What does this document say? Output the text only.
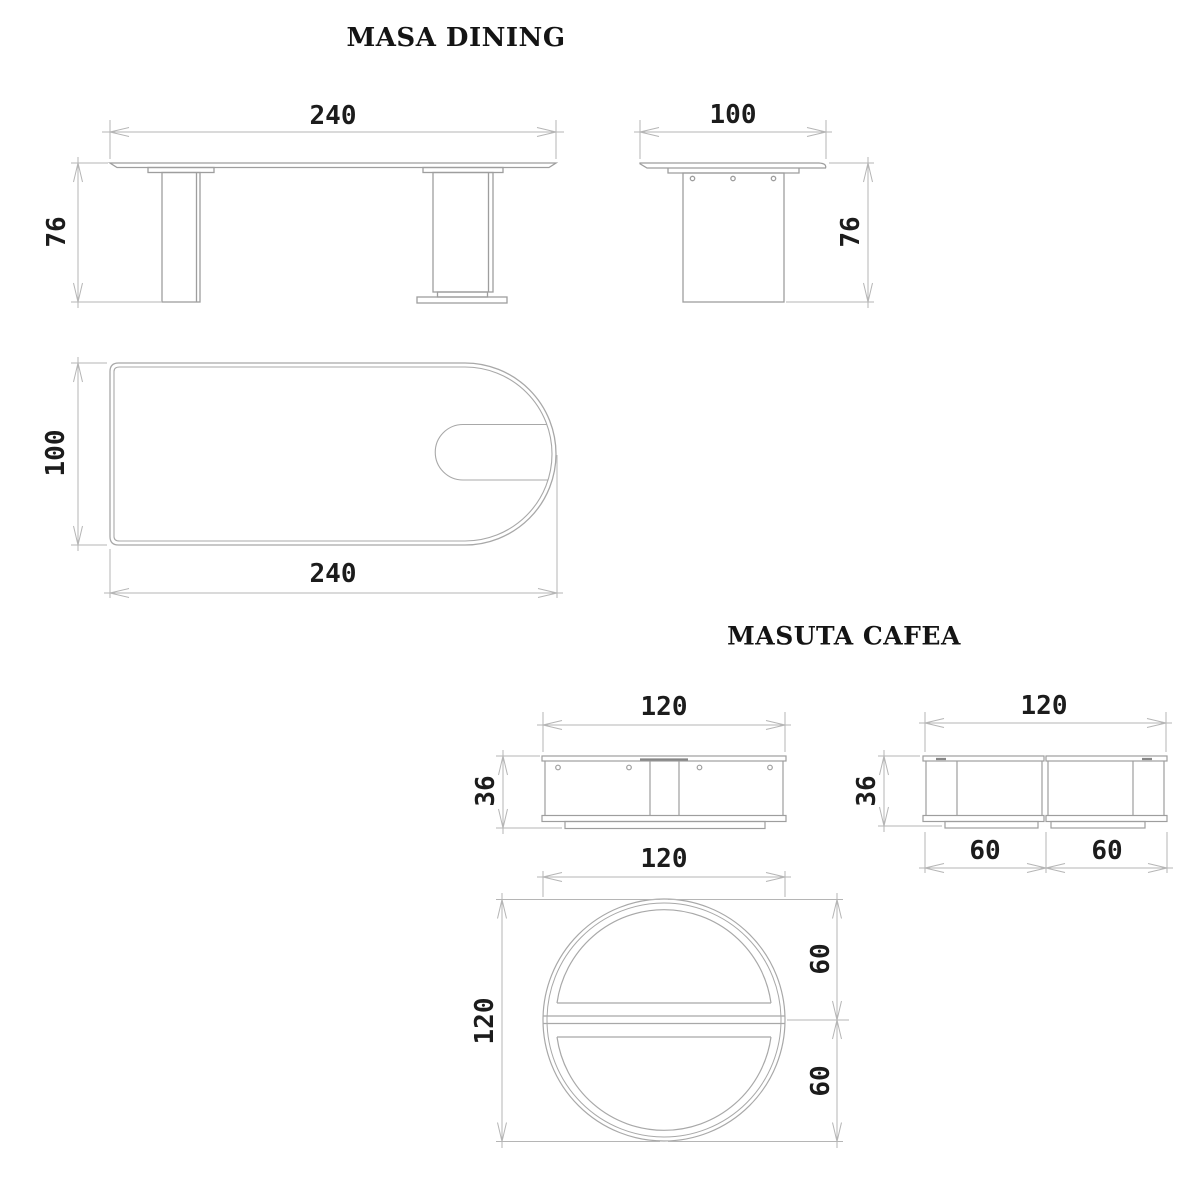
MASA DINING
MASUTA CAFEA
240
76
100
76
100
240
120
36
120
36
60	60
120
120
60
60
